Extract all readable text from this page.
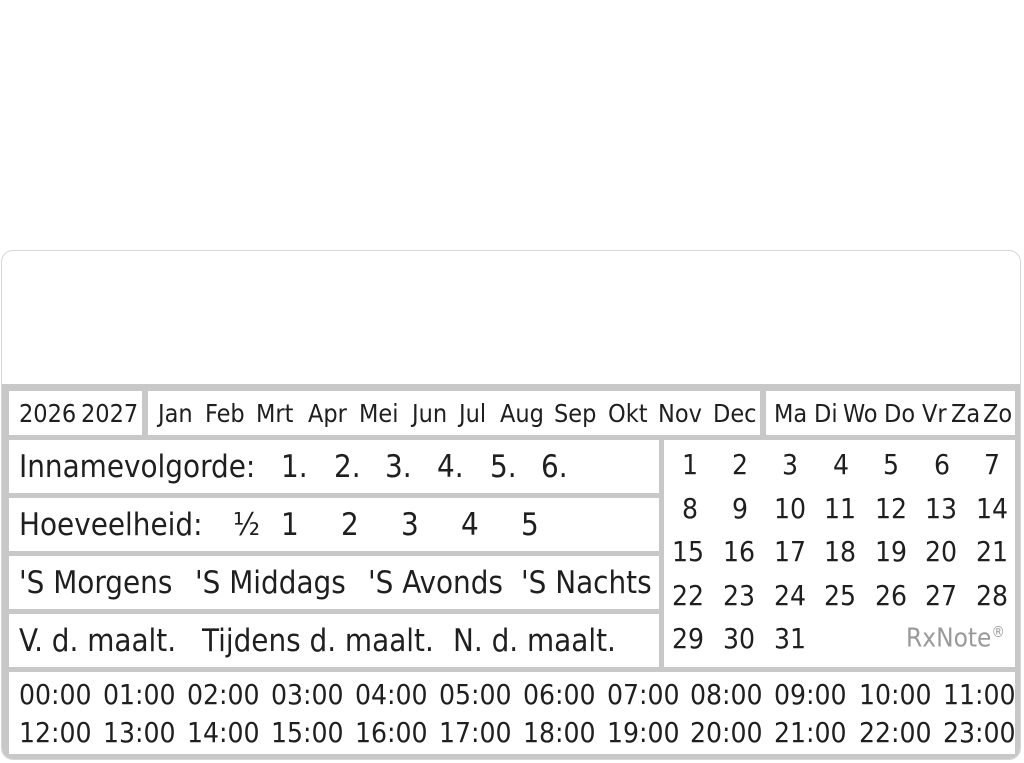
2026 2027 Jan Feb Mrt Apr Mei Jun Jul Aug Sep Okt Nov Dec Ma Di Wo Do Vr Za Zo
Innamevolgorde: 1. 2. 3. 4. 5. 6.
Hoeveelheid: ½ 1 2 3 4 5
'S Morgens 'S Middags 'S Avonds 'S Nachts
V. d. maalt. Tijdens d. maalt. N. d. maalt.
1 2 3 4 5 6 7
8 9 10 11 12 13 14
15 16 17 18 19 20 21
22 23 24 25 26 27 28
29 30 31	RxNote®
00:00 01:00 02:00 03:00 04:00 05:00 06:00 07:00 08:00 09:00 10:00 11:00
12:00 13:00 14:00 15:00 16:00 17:00 18:00 19:00 20:00 21:00 22:00 23:00
